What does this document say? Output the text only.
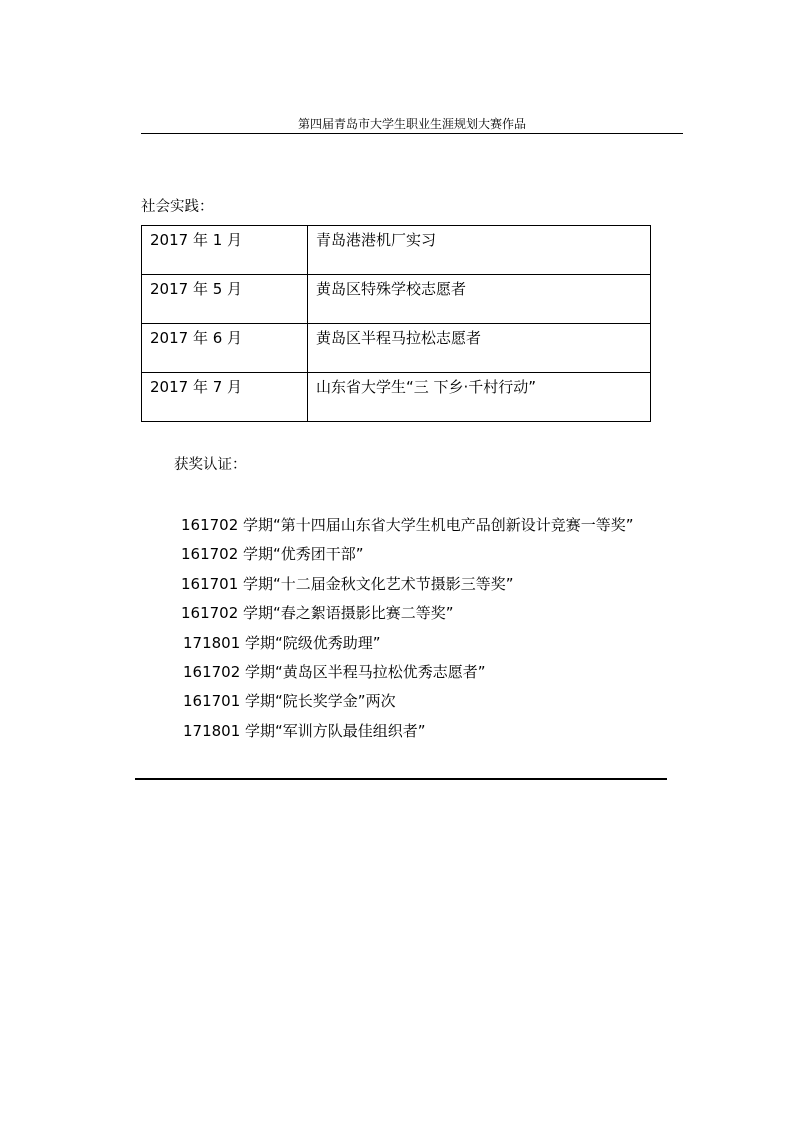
第四届青岛市大学生职业生涯规划大赛作品
社会实践：
2017 年 1 月	青岛港港机厂实习
2017 年 5 月	黄岛区特殊学校志愿者
2017 年 6 月	黄岛区半程马拉松志愿者
2017 年 7 月	山东省大学生“三 下乡·千村行动”
获奖认证：
161702 学期“第十四届山东省大学生机电产品创新设计竞赛一等奖”
161702 学期“优秀团干部”
161701 学期“十二届金秋文化艺术节摄影三等奖”
161702 学期“春之絮语摄影比赛二等奖”
171801 学期“院级优秀助理”
161702 学期“黄岛区半程马拉松优秀志愿者”
161701 学期“院长奖学金”两次
171801 学期“军训方队最佳组织者”
